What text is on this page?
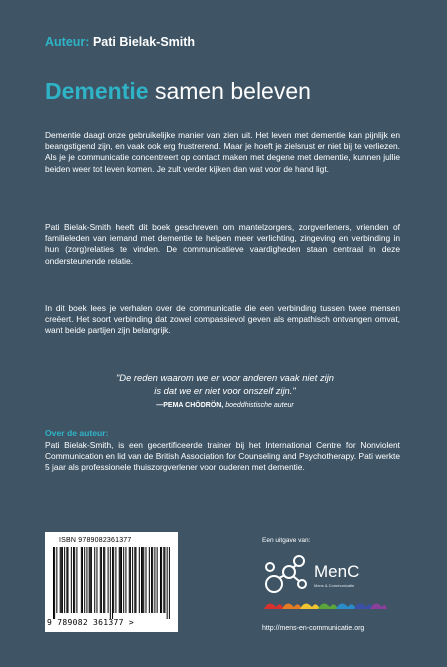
Auteur: Pati Bielak-Smith
Dementie samen beleven

Dementie daagt onze gebruikelijke manier van zien uit. Het leven met dementie kan pijnlijk en beangstigend zijn, en vaak ook erg frustrerend. Maar je hoeft je zielsrust er niet bij te verliezen. Als je je communicatie concentreert op contact maken met degene met dementie, kunnen jullie beiden weer tot leven komen. Je zult verder kijken dan wat voor de hand ligt.

Pati Bielak-Smith heeft dit boek geschreven om mantelzorgers, zorgverleners, vrienden of familieleden van iemand met dementie te helpen meer verlichting, zingeving en verbinding in hun (zorg)relaties te vinden. De communicatieve vaardigheden staan centraal in deze ondersteunende relatie.

In dit boek lees je verhalen over de communicatie die een verbinding tussen twee mensen creëert. Het soort verbinding dat zowel compassievol geven als empathisch ontvangen omvat, want beide partijen zijn belangrijk.

"De reden waarom we er voor anderen vaak niet zijn
is dat we er niet voor onszelf zijn."
—PEMA CHÖDRÖN, boeddhistische auteur
Over de auteur:

Pati Bielak-Smith, is een gecertificeerde trainer bij het International Centre for Nonviolent Communication en lid van de British Association for Counseling and Psychotherapy. Pati werkte 5 jaar als professionele thuiszorgverlener voor ouderen met dementie.

ISBN 9789082361377
9 789082 361377 >
Een uitgave van:
MenC
Mens & Communicatie
http://mens-en-communicatie.org
